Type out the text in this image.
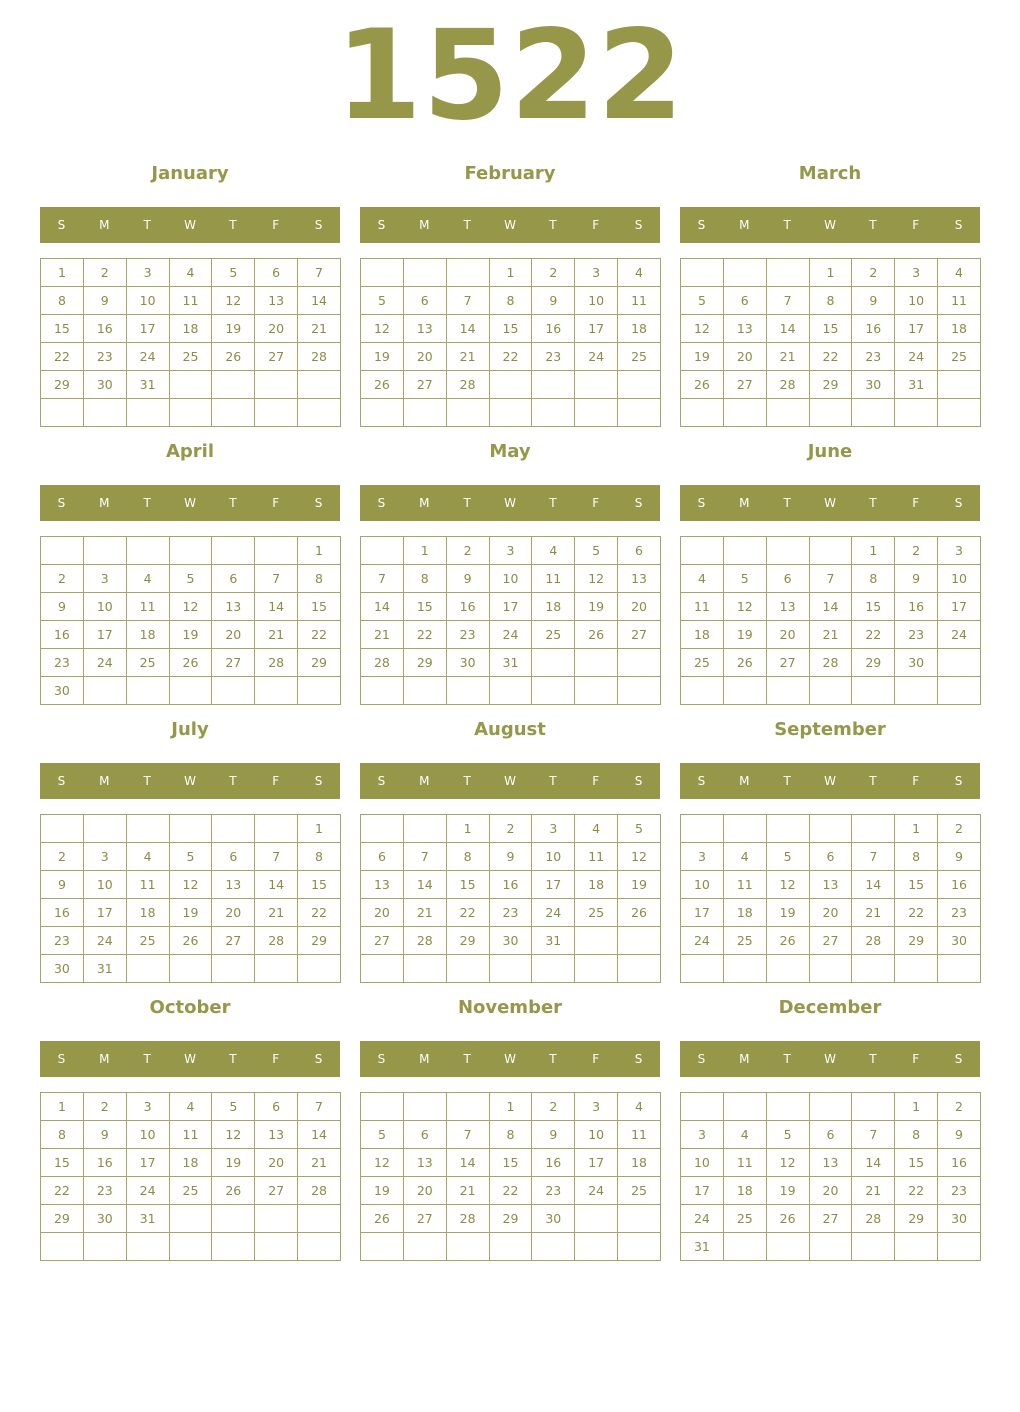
1522
January
S	M	T	W	T	F	S
1	2	3	4	5	6	7
8	9	10	11	12	13	14
15	16	17	18	19	20	21
22	23	24	25	26	27	28
29	30	31				

February
S	M	T	W	T	F	S
			1	2	3	4
5	6	7	8	9	10	11
12	13	14	15	16	17	18
19	20	21	22	23	24	25
26	27	28				

March
S	M	T	W	T	F	S
			1	2	3	4
5	6	7	8	9	10	11
12	13	14	15	16	17	18
19	20	21	22	23	24	25
26	27	28	29	30	31	

April
S	M	T	W	T	F	S
						1
2	3	4	5	6	7	8
9	10	11	12	13	14	15
16	17	18	19	20	21	22
23	24	25	26	27	28	29
30						
May
S	M	T	W	T	F	S
	1	2	3	4	5	6
7	8	9	10	11	12	13
14	15	16	17	18	19	20
21	22	23	24	25	26	27
28	29	30	31			

June
S	M	T	W	T	F	S
				1	2	3
4	5	6	7	8	9	10
11	12	13	14	15	16	17
18	19	20	21	22	23	24
25	26	27	28	29	30	

July
S	M	T	W	T	F	S
						1
2	3	4	5	6	7	8
9	10	11	12	13	14	15
16	17	18	19	20	21	22
23	24	25	26	27	28	29
30	31					
August
S	M	T	W	T	F	S
		1	2	3	4	5
6	7	8	9	10	11	12
13	14	15	16	17	18	19
20	21	22	23	24	25	26
27	28	29	30	31		

September
S	M	T	W	T	F	S
					1	2
3	4	5	6	7	8	9
10	11	12	13	14	15	16
17	18	19	20	21	22	23
24	25	26	27	28	29	30

October
S	M	T	W	T	F	S
1	2	3	4	5	6	7
8	9	10	11	12	13	14
15	16	17	18	19	20	21
22	23	24	25	26	27	28
29	30	31				

November
S	M	T	W	T	F	S
			1	2	3	4
5	6	7	8	9	10	11
12	13	14	15	16	17	18
19	20	21	22	23	24	25
26	27	28	29	30		

December
S	M	T	W	T	F	S
					1	2
3	4	5	6	7	8	9
10	11	12	13	14	15	16
17	18	19	20	21	22	23
24	25	26	27	28	29	30
31						
